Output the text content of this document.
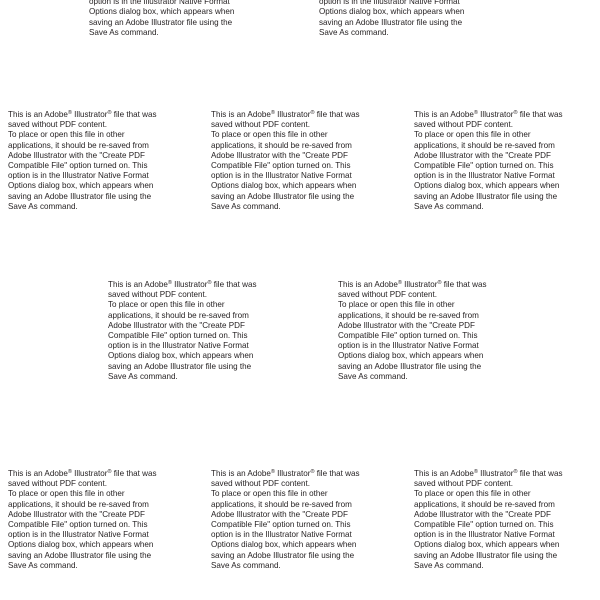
option is in the Illustrator Native Format Options dialog box, which appears when saving an Adobe Illustrator file using the Save As command.

option is in the Illustrator Native Format Options dialog box, which appears when saving an Adobe Illustrator file using the Save As command.

This is an Adobe® Illustrator® file that was saved without PDF content.

To place or open this file in other applications, it should be re-saved from Adobe Illustrator with the "Create PDF Compatible File" option turned on. This option is in the Illustrator Native Format Options dialog box, which appears when saving an Adobe Illustrator file using the Save As command.

This is an Adobe® Illustrator® file that was saved without PDF content.

To place or open this file in other applications, it should be re-saved from Adobe Illustrator with the "Create PDF Compatible File" option turned on. This option is in the Illustrator Native Format Options dialog box, which appears when saving an Adobe Illustrator file using the Save As command.

This is an Adobe® Illustrator® file that was saved without PDF content.

To place or open this file in other applications, it should be re-saved from Adobe Illustrator with the "Create PDF Compatible File" option turned on. This option is in the Illustrator Native Format Options dialog box, which appears when saving an Adobe Illustrator file using the Save As command.

This is an Adobe® Illustrator® file that was saved without PDF content.

To place or open this file in other applications, it should be re-saved from Adobe Illustrator with the "Create PDF Compatible File" option turned on. This option is in the Illustrator Native Format Options dialog box, which appears when saving an Adobe Illustrator file using the Save As command.

This is an Adobe® Illustrator® file that was saved without PDF content.

To place or open this file in other applications, it should be re-saved from Adobe Illustrator with the "Create PDF Compatible File" option turned on. This option is in the Illustrator Native Format Options dialog box, which appears when saving an Adobe Illustrator file using the Save As command.

This is an Adobe® Illustrator® file that was saved without PDF content.

To place or open this file in other applications, it should be re-saved from Adobe Illustrator with the "Create PDF Compatible File" option turned on. This option is in the Illustrator Native Format Options dialog box, which appears when saving an Adobe Illustrator file using the Save As command.

This is an Adobe® Illustrator® file that was saved without PDF content.

To place or open this file in other applications, it should be re-saved from Adobe Illustrator with the "Create PDF Compatible File" option turned on. This option is in the Illustrator Native Format Options dialog box, which appears when saving an Adobe Illustrator file using the Save As command.

This is an Adobe® Illustrator® file that was saved without PDF content.

To place or open this file in other applications, it should be re-saved from Adobe Illustrator with the "Create PDF Compatible File" option turned on. This option is in the Illustrator Native Format Options dialog box, which appears when saving an Adobe Illustrator file using the Save As command.
